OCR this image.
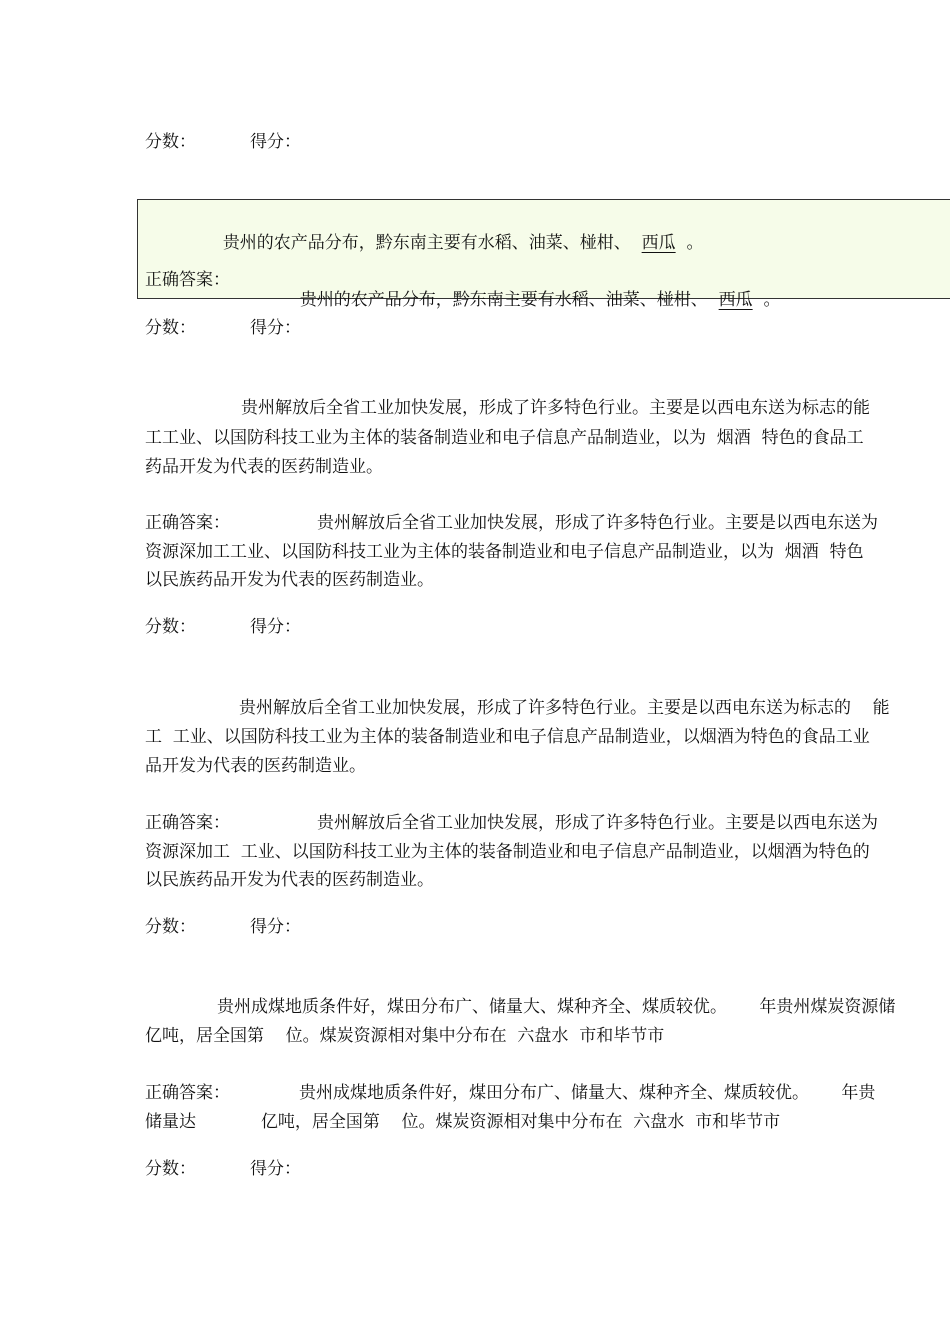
分数：	得分：

贵州的农产品分布，黔东南主要有水稻、油菜、椪柑、 西瓜 。

正确答案：

贵州的农产品分布，黔东南主要有水稻、油菜、椪柑、 西瓜 。

分数：	得分：
贵州解放后全省工业加快发展，形成了许多特色行业。主要是以西电东送为标志的能
工工业、以国防科技工业为主体的装备制造业和电子信息产品制造业，以为  烟酒  特色的食品工
药品开发为代表的医药制造业。
正确答案：	贵州解放后全省工业加快发展，形成了许多特色行业。主要是以西电东送为
资源深加工工业、以国防科技工业为主体的装备制造业和电子信息产品制造业，以为  烟酒  特色
以民族药品开发为代表的医药制造业。
分数：	得分：
贵州解放后全省工业加快发展，形成了许多特色行业。主要是以西电东送为标志的    能
工  工业、以国防科技工业为主体的装备制造业和电子信息产品制造业，以烟酒为特色的食品工业
品开发为代表的医药制造业。
正确答案：	贵州解放后全省工业加快发展，形成了许多特色行业。主要是以西电东送为
资源深加工  工业、以国防科技工业为主体的装备制造业和电子信息产品制造业，以烟酒为特色的
以民族药品开发为代表的医药制造业。
分数：	得分：
贵州成煤地质条件好，煤田分布广、储量大、煤种齐全、煤质较优。      年贵州煤炭资源储
亿吨，居全国第    位。煤炭资源相对集中分布在  六盘水  市和毕节市
正确答案：	贵州成煤地质条件好，煤田分布广、储量大、煤种齐全、煤质较优。      年贵
储量达            亿吨，居全国第    位。煤炭资源相对集中分布在  六盘水  市和毕节市
分数：	得分：
